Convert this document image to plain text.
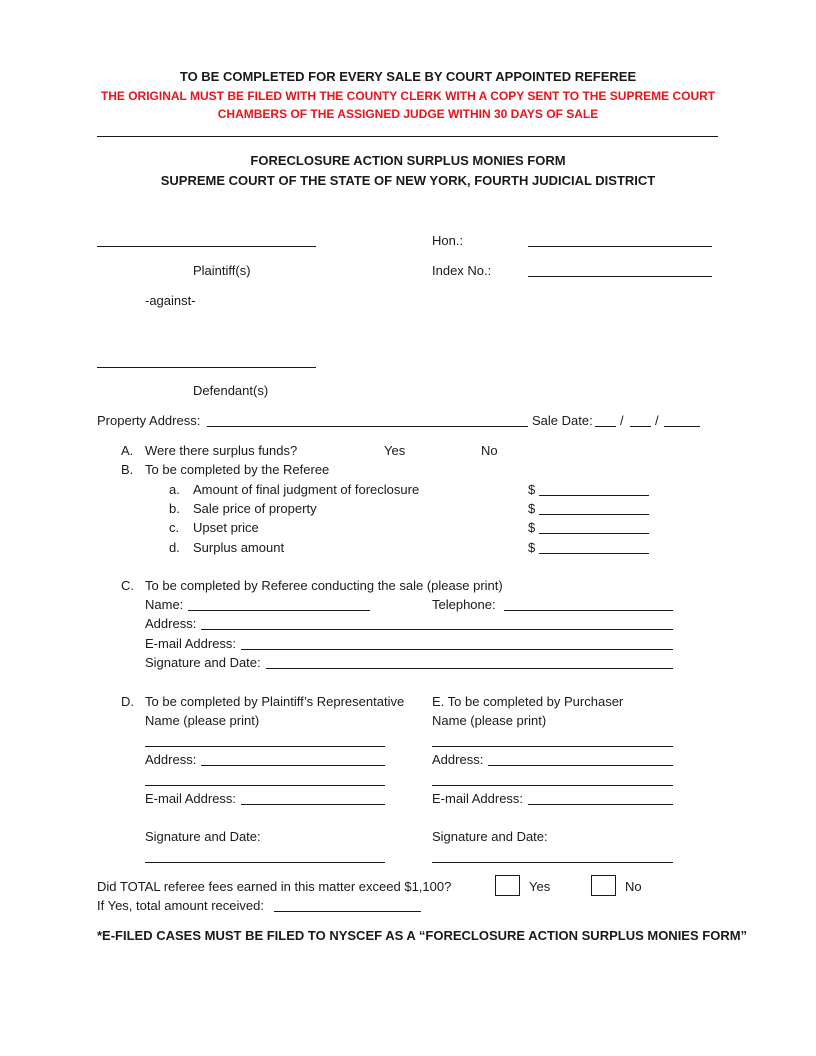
TO BE COMPLETED FOR EVERY SALE BY COURT APPOINTED REFEREE
THE ORIGINAL MUST BE FILED WITH THE COUNTY CLERK WITH A COPY SENT TO THE SUPREME COURT
CHAMBERS OF THE ASSIGNED JUDGE WITHIN 30 DAYS OF SALE
FORECLOSURE ACTION SURPLUS MONIES FORM
SUPREME COURT OF THE STATE OF NEW YORK, FOURTH JUDICIAL DISTRICT
Hon.:
Plaintiff(s)	Index No.:
-against-
Defendant(s)
Property Address:	Sale Date: / /
A. Were there surplus funds?	Yes	No
B. To be completed by the Referee
a. Amount of final judgment of foreclosure	$
b. Sale price of property	$
c. Upset price	$
d. Surplus amount	$
C. To be completed by Referee conducting the sale (please print)
Name:	Telephone:
Address:
E-mail Address:
Signature and Date:
D. To be completed by Plaintiff’s Representative
Name (please print)
Address:
E-mail Address:
Signature and Date:
E. To be completed by Purchaser
Name (please print)
Address:
E-mail Address:
Signature and Date:
Did TOTAL referee fees earned in this matter exceed $1,100?	Yes	No
If Yes, total amount received:
*E-FILED CASES MUST BE FILED TO NYSCEF AS A “FORECLOSURE ACTION SURPLUS MONIES FORM”
